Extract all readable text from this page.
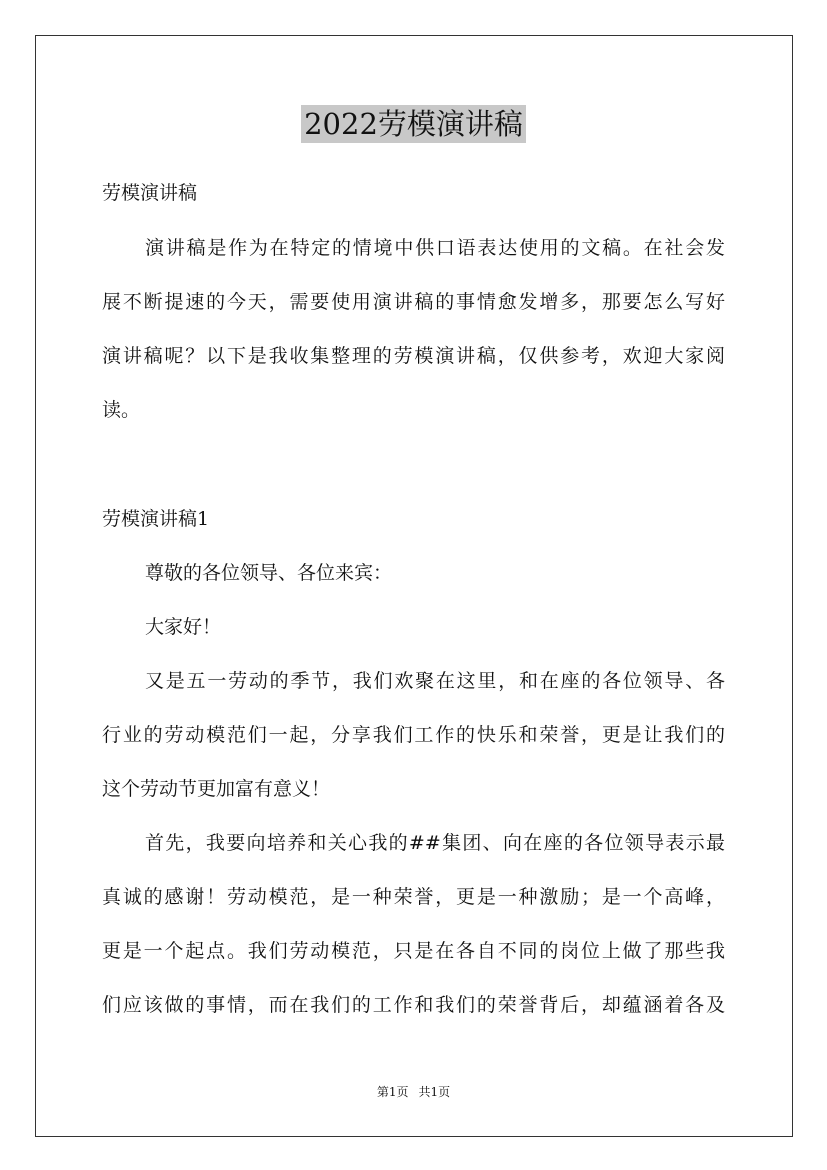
2022劳模演讲稿
劳模演讲稿
演讲稿是作为在特定的情境中供口语表达使用的文稿。在社会发
展不断提速的今天，需要使用演讲稿的事情愈发增多，那要怎么写好
演讲稿呢？以下是我收集整理的劳模演讲稿，仅供参考，欢迎大家阅
读。
劳模演讲稿1
尊敬的各位领导、各位来宾：
大家好！
又是五一劳动的季节，我们欢聚在这里，和在座的各位领导、各
行业的劳动模范们一起，分享我们工作的快乐和荣誉，更是让我们的
这个劳动节更加富有意义！
首先，我要向培养和关心我的##集团、向在座的各位领导表示最
真诚的感谢！劳动模范，是一种荣誉，更是一种激励；是一个高峰，
更是一个起点。我们劳动模范，只是在各自不同的岗位上做了那些我
们应该做的事情，而在我们的工作和我们的荣誉背后，却蕴涵着各及
第1页 共1页
